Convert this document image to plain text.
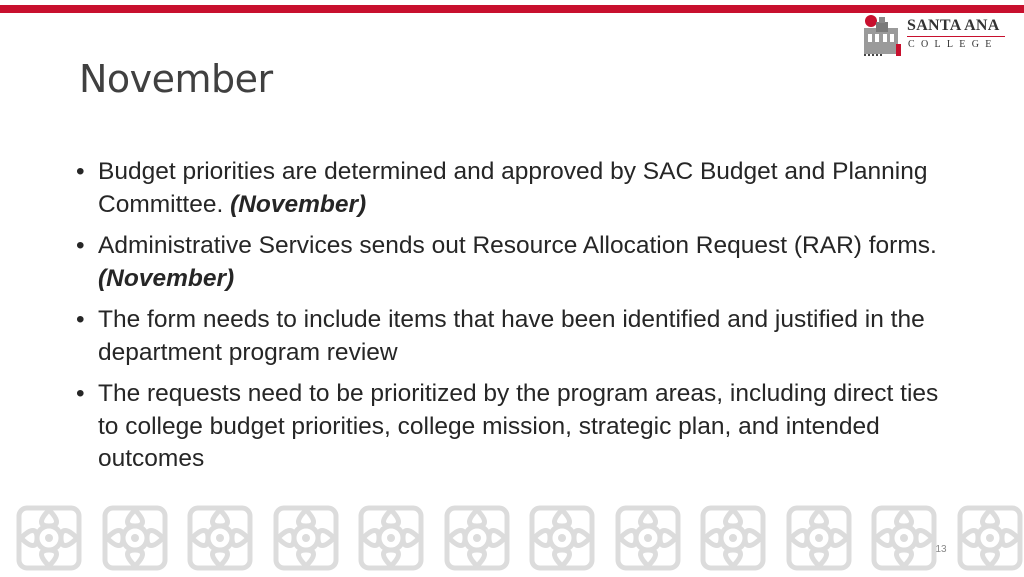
SANTA ANA
COLLEGE
November
• Budget priorities are determined and approved by SAC Budget and Planning Committee. (November)
• Administrative Services sends out Resource Allocation Request (RAR) forms. (November)
• The form needs to include items that have been identified and justified in the department program review
• The requests need to be prioritized by the program areas, including direct ties to college budget priorities, college mission, strategic plan, and intended outcomes
13
